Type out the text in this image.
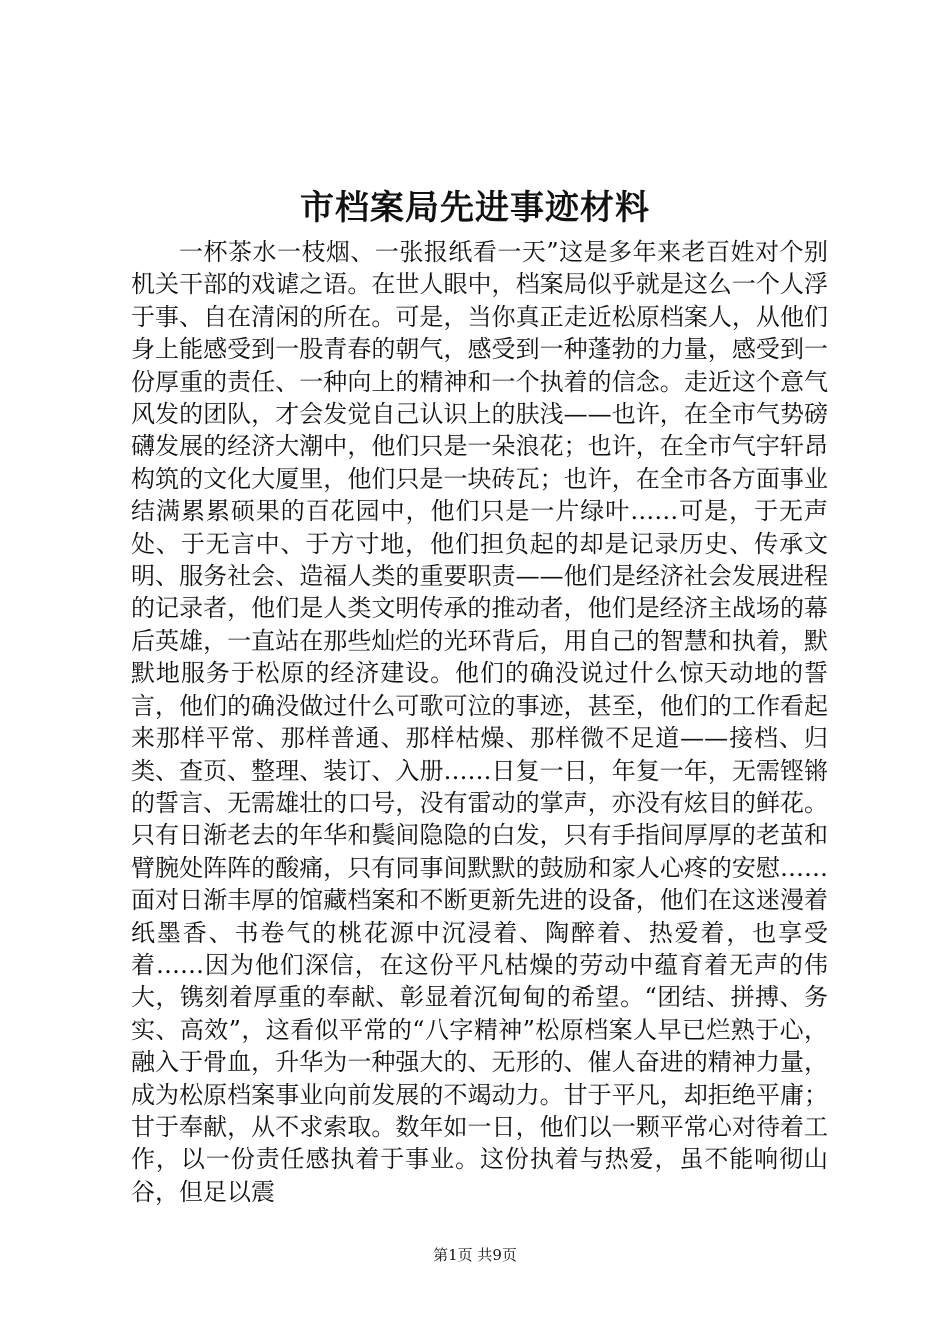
市档案局先进事迹材料

一杯茶水一枝烟、一张报纸看一天”这是多年来老百姓对个别机关干部的戏谑之语。在世人眼中，档案局似乎就是这么一个人浮于事、自在清闲的所在。可是，当你真正走近松原档案人，从他们身上能感受到一股青春的朝气，感受到一种蓬勃的力量，感受到一份厚重的责任、一种向上的精神和一个执着的信念。走近这个意气风发的团队，才会发觉自己认识上的肤浅——也许，在全市气势磅礴发展的经济大潮中，他们只是一朵浪花；也许，在全市气宇轩昂构筑的文化大厦里，他们只是一块砖瓦；也许，在全市各方面事业结满累累硕果的百花园中，他们只是一片绿叶……可是，于无声处、于无言中、于方寸地，他们担负起的却是记录历史、传承文明、服务社会、造福人类的重要职责——他们是经济社会发展进程的记录者，他们是人类文明传承的推动者，他们是经济主战场的幕后英雄，一直站在那些灿烂的光环背后，用自己的智慧和执着，默默地服务于松原的经济建设。他们的确没说过什么惊天动地的誓言，他们的确没做过什么可歌可泣的事迹，甚至，他们的工作看起来那样平常、那样普通、那样枯燥、那样微不足道——接档、归类、查页、整理、装订、入册……日复一日，年复一年，无需铿锵的誓言、无需雄壮的口号，没有雷动的掌声，亦没有炫目的鲜花。只有日渐老去的年华和鬓间隐隐的白发，只有手指间厚厚的老茧和臂腕处阵阵的酸痛，只有同事间默默的鼓励和家人心疼的安慰……面对日渐丰厚的馆藏档案和不断更新先进的设备，他们在这迷漫着纸墨香、书卷气的桃花源中沉浸着、陶醉着、热爱着，也享受着……因为他们深信，在这份平凡枯燥的劳动中蕴育着无声的伟大，镌刻着厚重的奉献、彰显着沉甸甸的希望。“团结、拼搏、务实、高效”，这看似平常的“八字精神”松原档案人早已烂熟于心，融入于骨血，升华为一种强大的、无形的、催人奋进的精神力量，成为松原档案事业向前发展的不竭动力。甘于平凡，却拒绝平庸；甘于奉献，从不求索取。数年如一日，他们以一颗平常心对待着工作，以一份责任感执着于事业。这份执着与热爱，虽不能响彻山谷，但足以震

第1页 共9页
